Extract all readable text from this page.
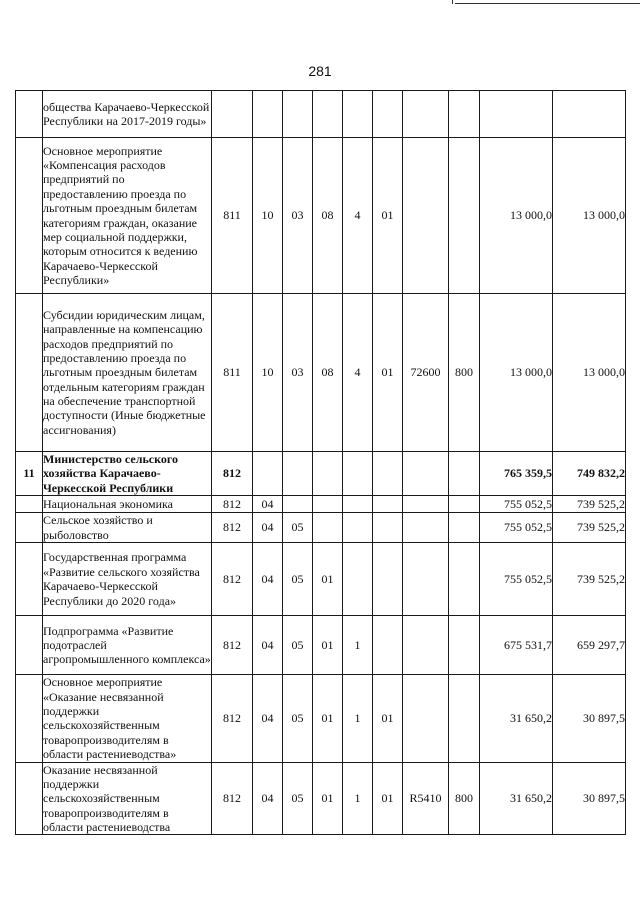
281
	общества Карачаево-Черкесской Республики на 2017-2019 годы»										
	Основное мероприятие «Компенсация расходов предприятий по предоставлению проезда по льготным проездным билетам категориям граждан, оказание мер социальной поддержки, которым относится к ведению Карачаево-Черкесской Республики»	811	10	03	08	4	01			13 000,0	13 000,0
	Субсидии юридическим лицам, направленные на компенсацию расходов предприятий по предоставлению проезда по льготным проездным билетам отдельным категориям граждан на обеспечение транспортной доступности (Иные бюджетные ассигнования)	811	10	03	08	4	01	72600	800	13 000,0	13 000,0
11	Министерство сельского хозяйства Карачаево-Черкесской Республики	812								765 359,5	749 832,2
	Национальная экономика	812	04							755 052,5	739 525,2
	Сельское хозяйство и рыболовство	812	04	05						755 052,5	739 525,2
	Государственная программа «Развитие сельского хозяйства Карачаево-Черкесской Республики до 2020 года»	812	04	05	01					755 052,5	739 525,2
	Подпрограмма «Развитие подотраслей агропромышленного комплекса»	812	04	05	01	1				675 531,7	659 297,7
	Основное мероприятие «Оказание несвязанной поддержки сельскохозяйственным товаропроизводителям в области растениеводства»	812	04	05	01	1	01			31 650,2	30 897,5
	Оказание несвязанной поддержки сельскохозяйственным товаропроизводителям в области растениеводства	812	04	05	01	1	01	R5410	800	31 650,2	30 897,5
